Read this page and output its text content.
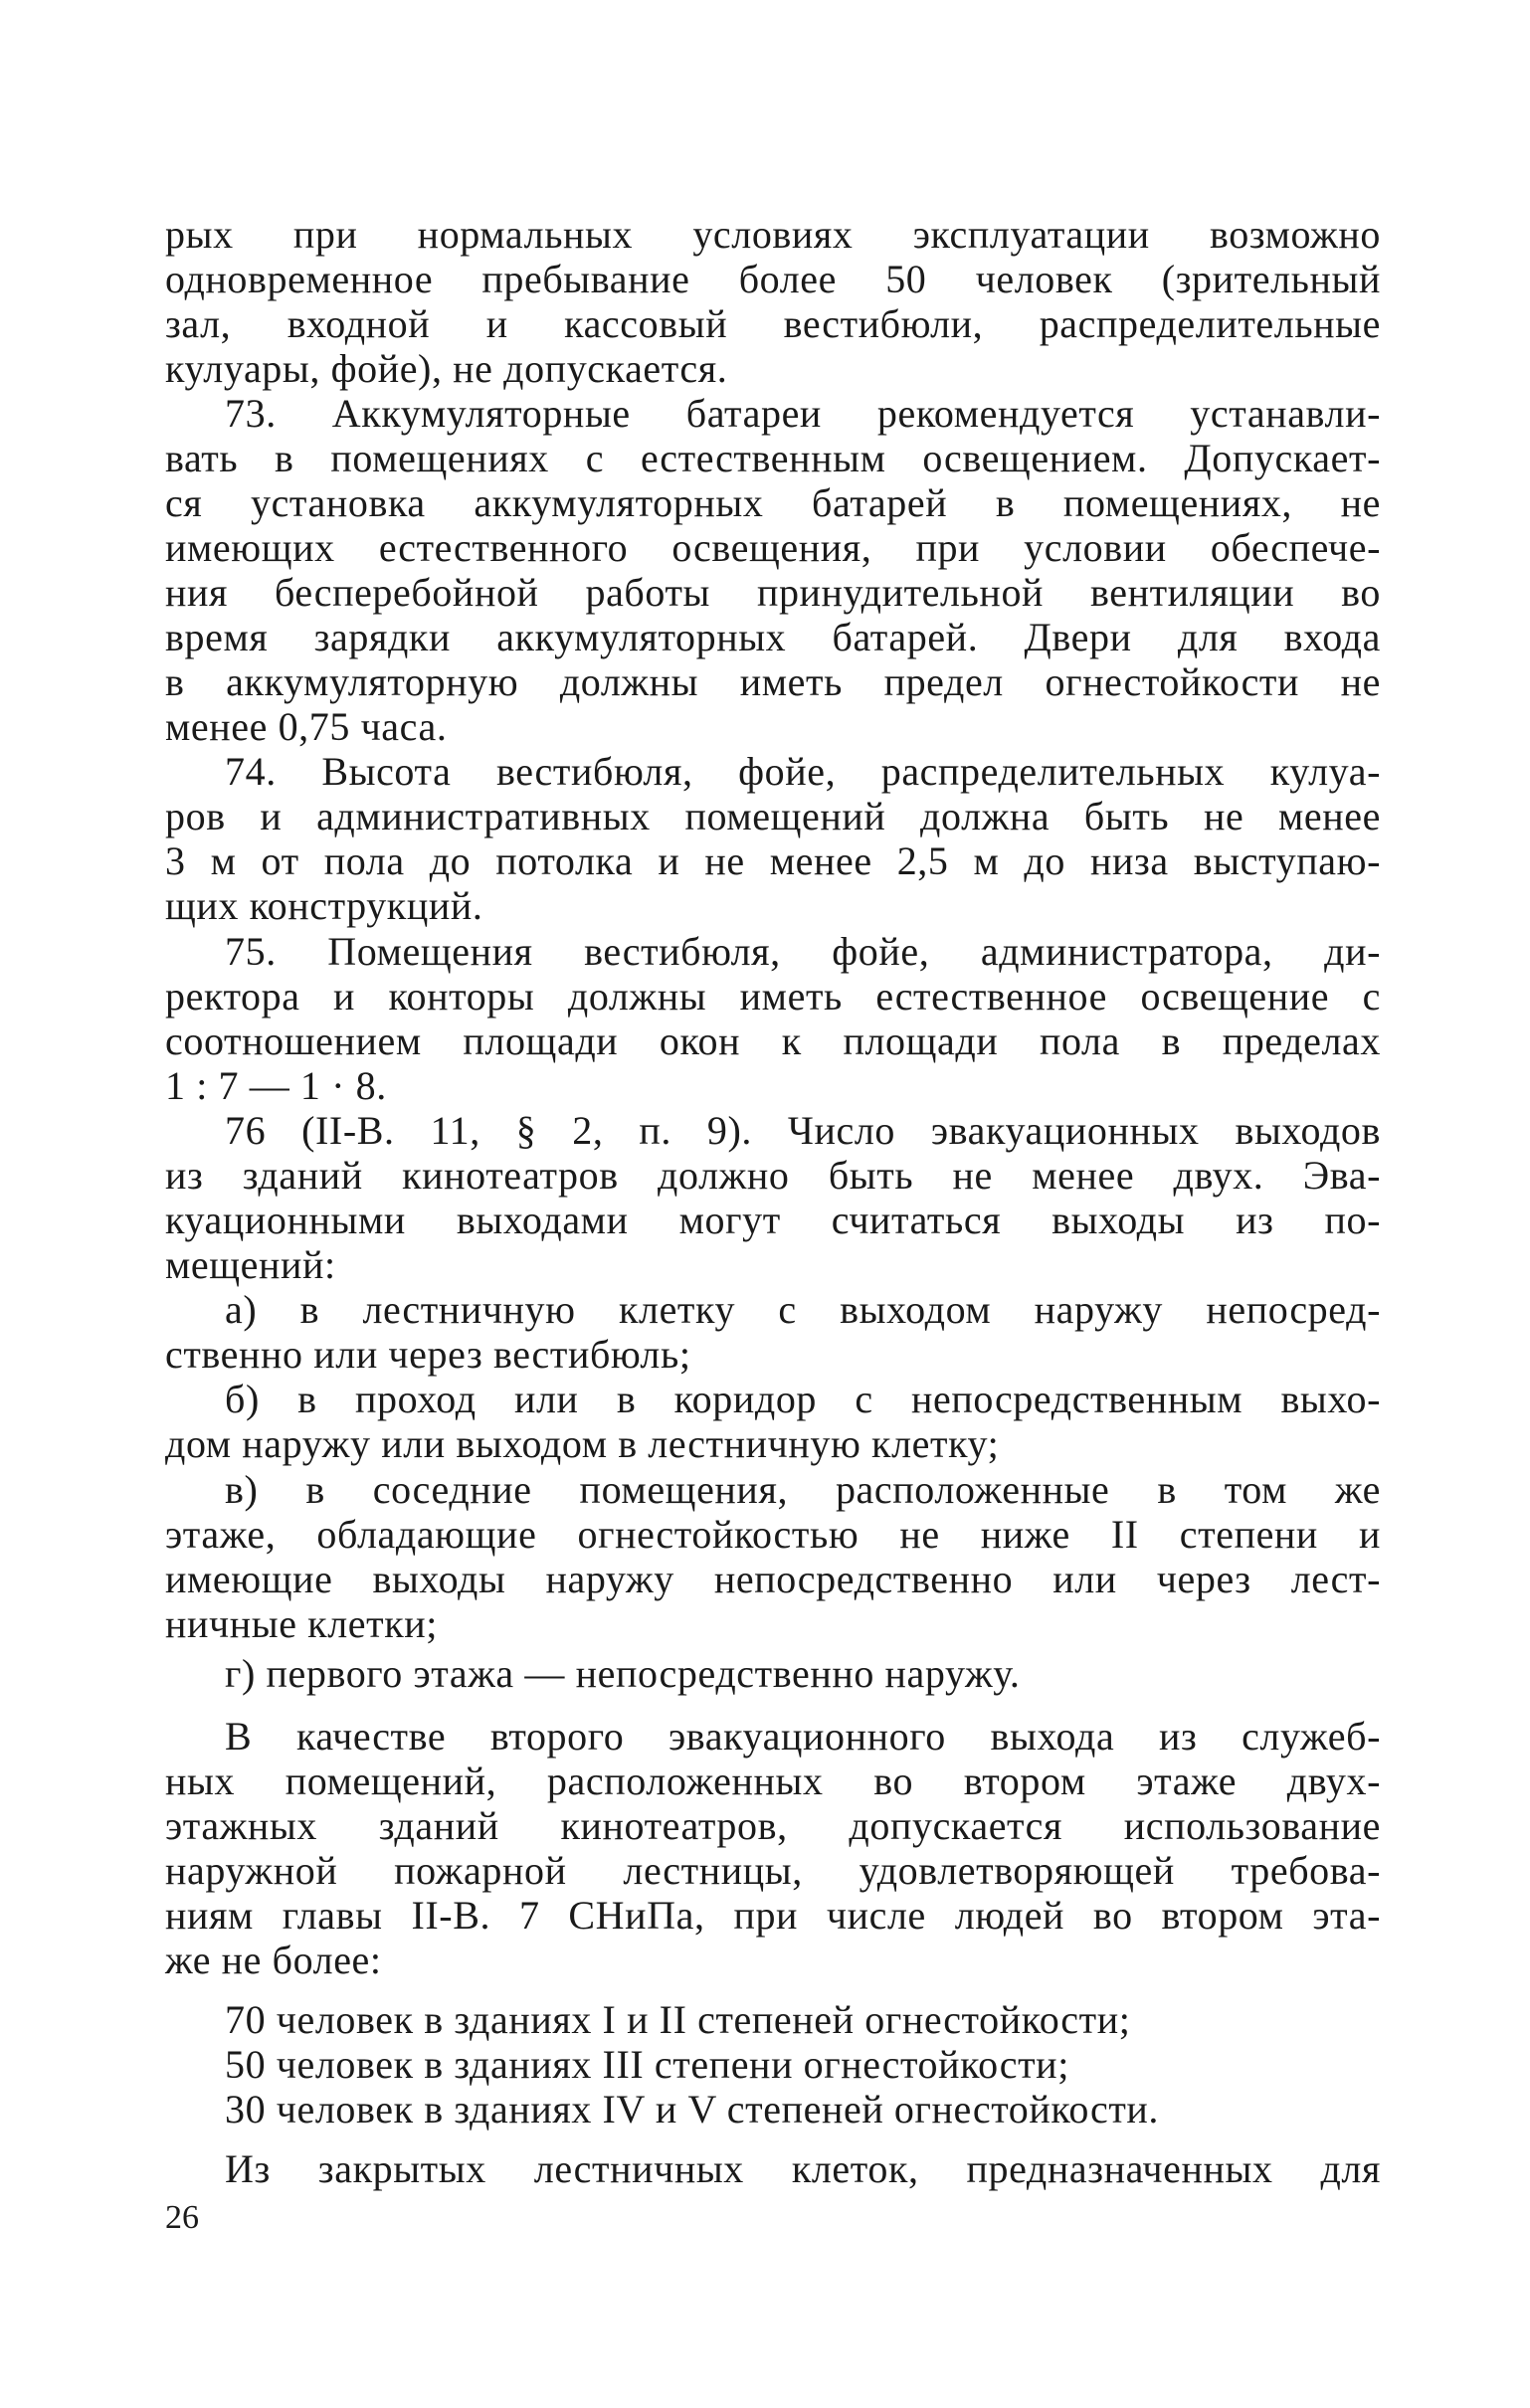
рых при нормальных условиях эксплуатации возможно
одновременное пребывание более 50 человек (зрительный
зал, входной и кассовый вестибюли, распределительные
кулуары, фойе), не допускается.
73. Аккумуляторные батареи рекомендуется устанавли-
вать в помещениях с естественным освещением. Допускает-
ся установка аккумуляторных батарей в помещениях, не
имеющих естественного освещения, при условии обеспече-
ния бесперебойной работы принудительной вентиляции во
время зарядки аккумуляторных батарей. Двери для входа
в аккумуляторную должны иметь предел огнестойкости не
менее 0,75 часа.
74. Высота вестибюля, фойе, распределительных кулуа-
ров и административных помещений должна быть не менее
3 м от пола до потолка и не менее 2,5 м до низа выступаю-
щих конструкций.
75. Помещения вестибюля, фойе, администратора, ди-
ректора и конторы должны иметь естественное освещение с
соотношением площади окон к площади пола в пределах
1 : 7 — 1 · 8.
76 (II-В. 11, § 2, п. 9). Число эвакуационных выходов
из зданий кинотеатров должно быть не менее двух. Эва-
куационными выходами могут считаться выходы из по-
мещений:
а) в лестничную клетку с выходом наружу непосред-
ственно или через вестибюль;
б) в проход или в коридор с непосредственным выхо-
дом наружу или выходом в лестничную клетку;
в) в соседние помещения, расположенные в том же
этаже, обладающие огнестойкостью не ниже II степени и
имеющие выходы наружу непосредственно или через лест-
ничные клетки;
г) первого этажа — непосредственно наружу.
В качестве второго эвакуационного выхода из служеб-
ных помещений, расположенных во втором этаже двух-
этажных зданий кинотеатров, допускается использование
наружной пожарной лестницы, удовлетворяющей требова-
ниям главы II-В. 7 СНиПа, при числе людей во втором эта-
же не более:
70 человек в зданиях I и II степеней огнестойкости;
50 человек в зданиях III степени огнестойкости;
30 человек в зданиях IV и V степеней огнестойкости.
Из закрытых лестничных клеток, предназначенных для
26
